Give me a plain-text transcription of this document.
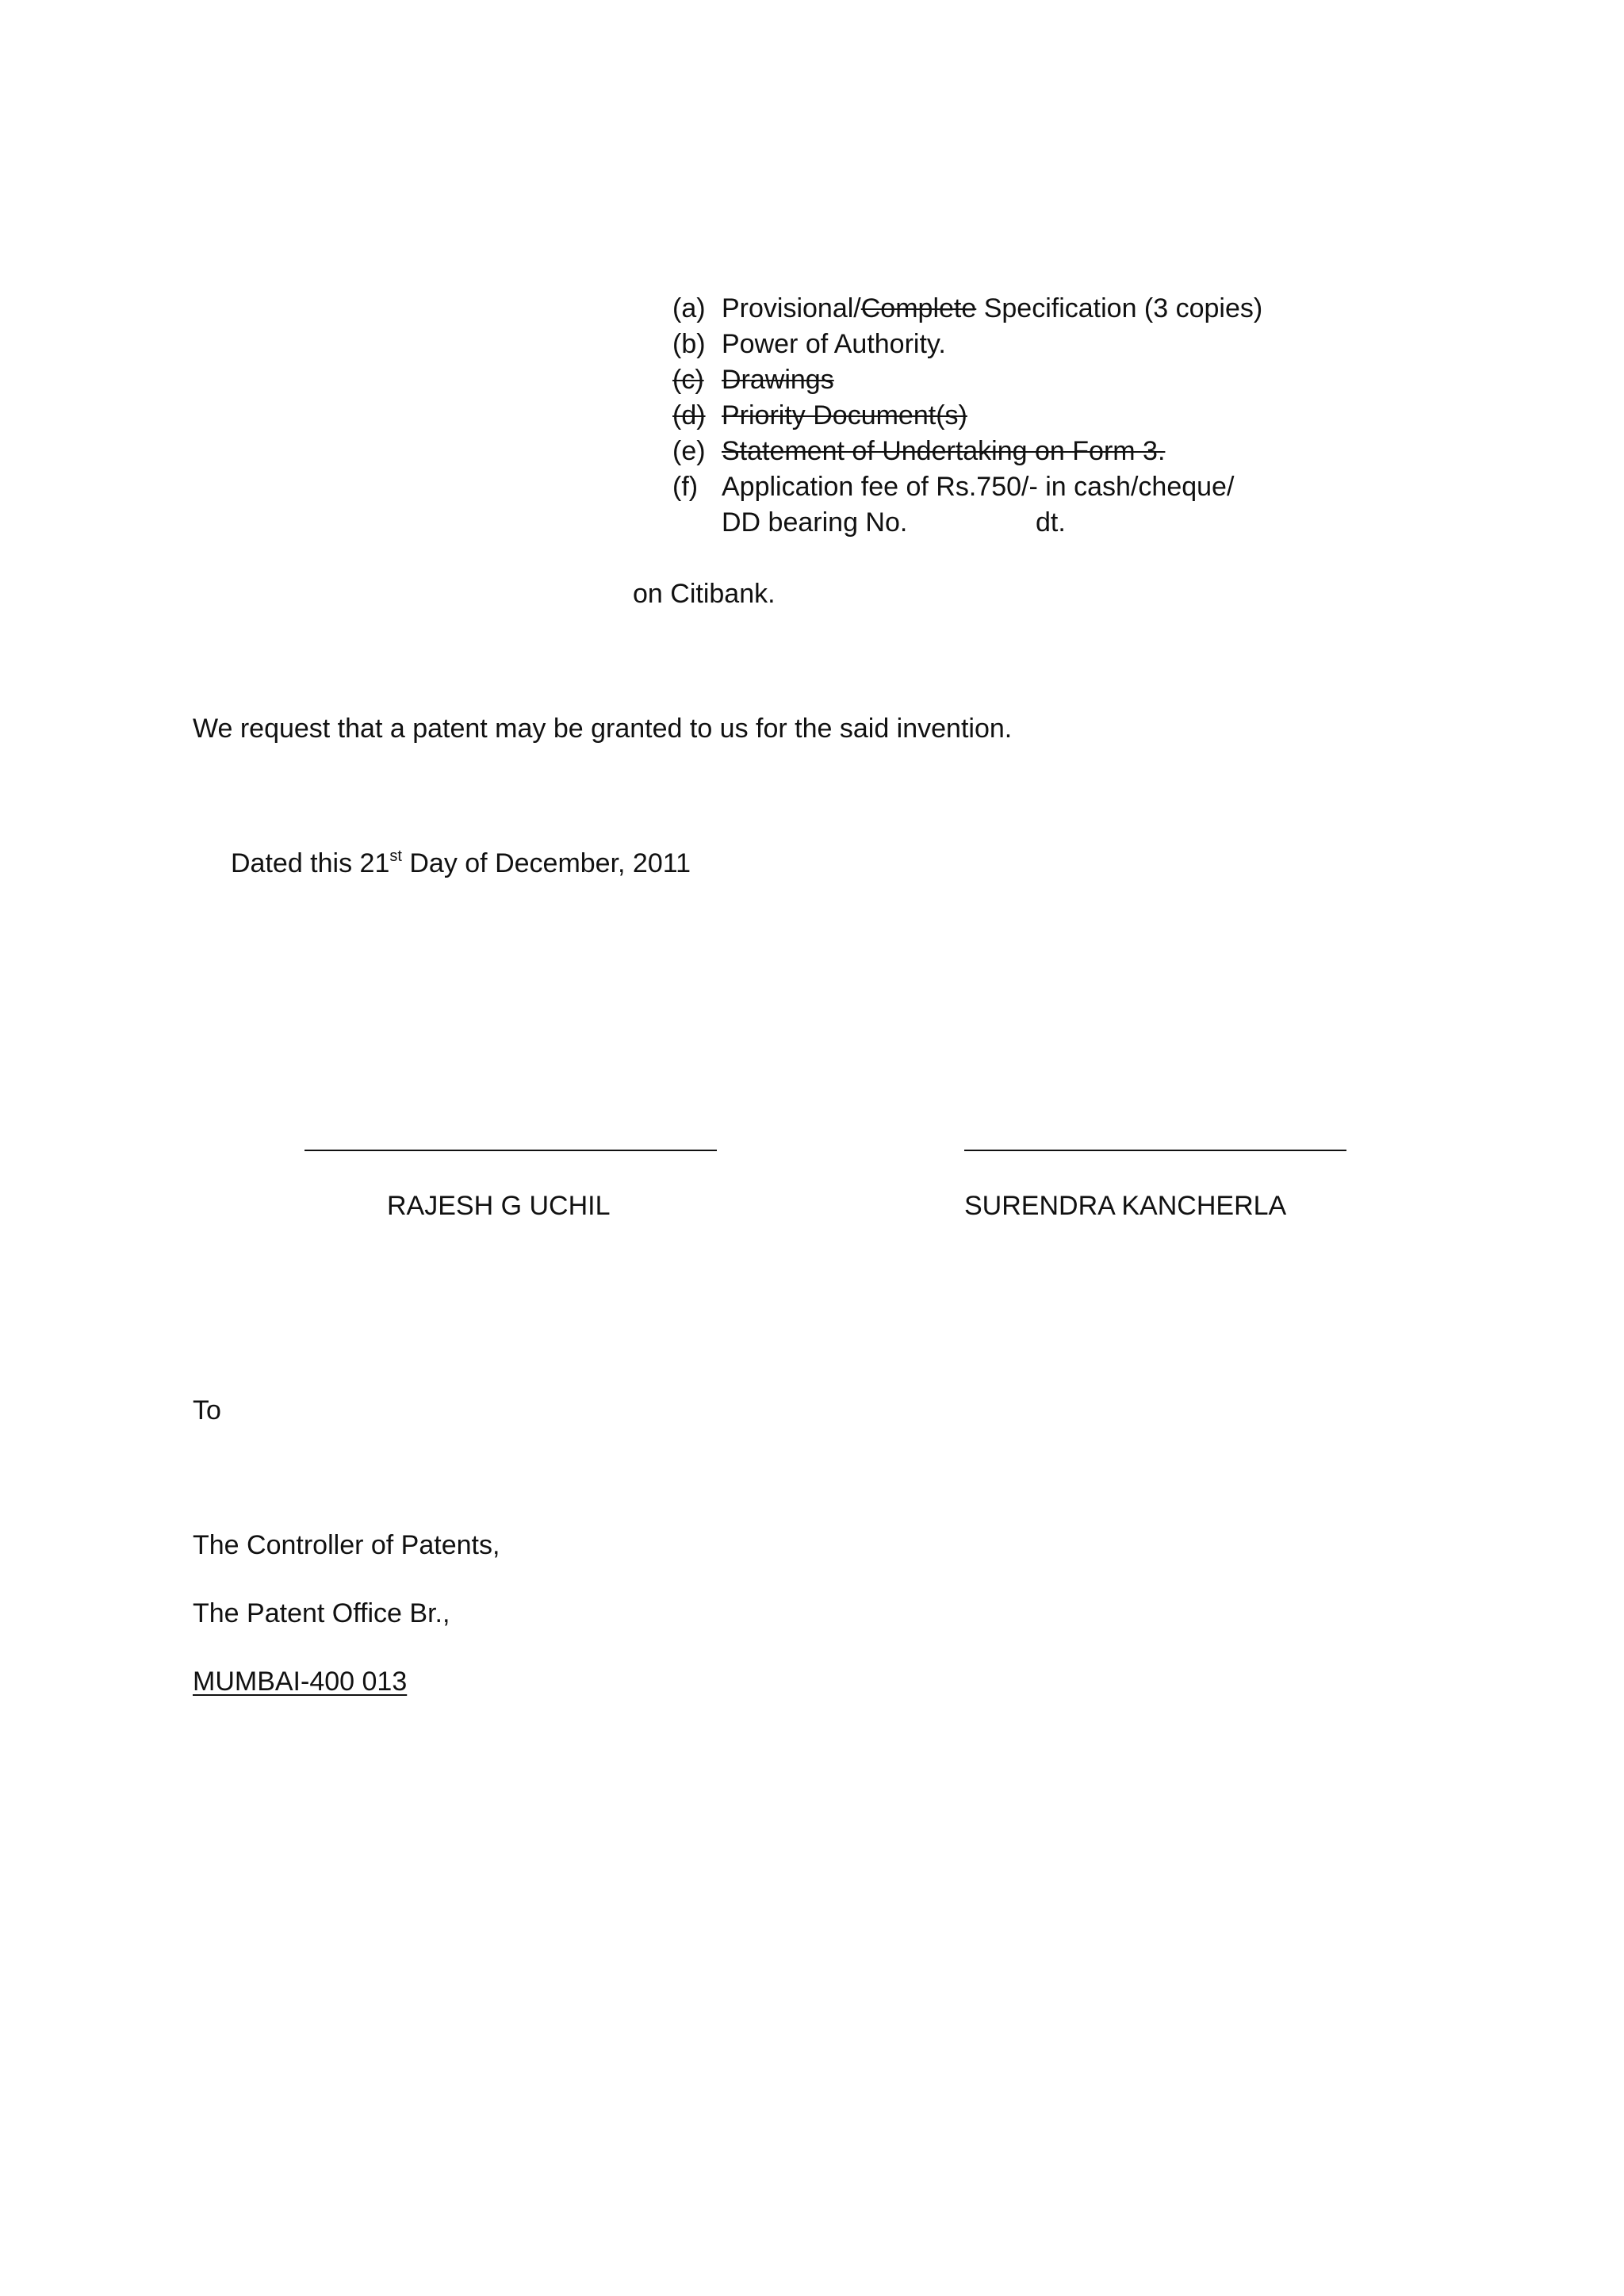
(a) Provisional/Complete Specification (3 copies)
(b) Power of Authority.
(c) Drawings
(d) Priority Document(s)
(e) Statement of Undertaking on Form 3.
(f) Application fee of Rs.750/- in cash/cheque/
DD bearing No.	dt.
on Citibank.
We request that a patent may be granted to us for the said invention.
Dated this 21st Day of December, 2011
RAJESH G UCHIL	SURENDRA KANCHERLA
To
The Controller of Patents,
The Patent Office Br.,
MUMBAI-400 013
